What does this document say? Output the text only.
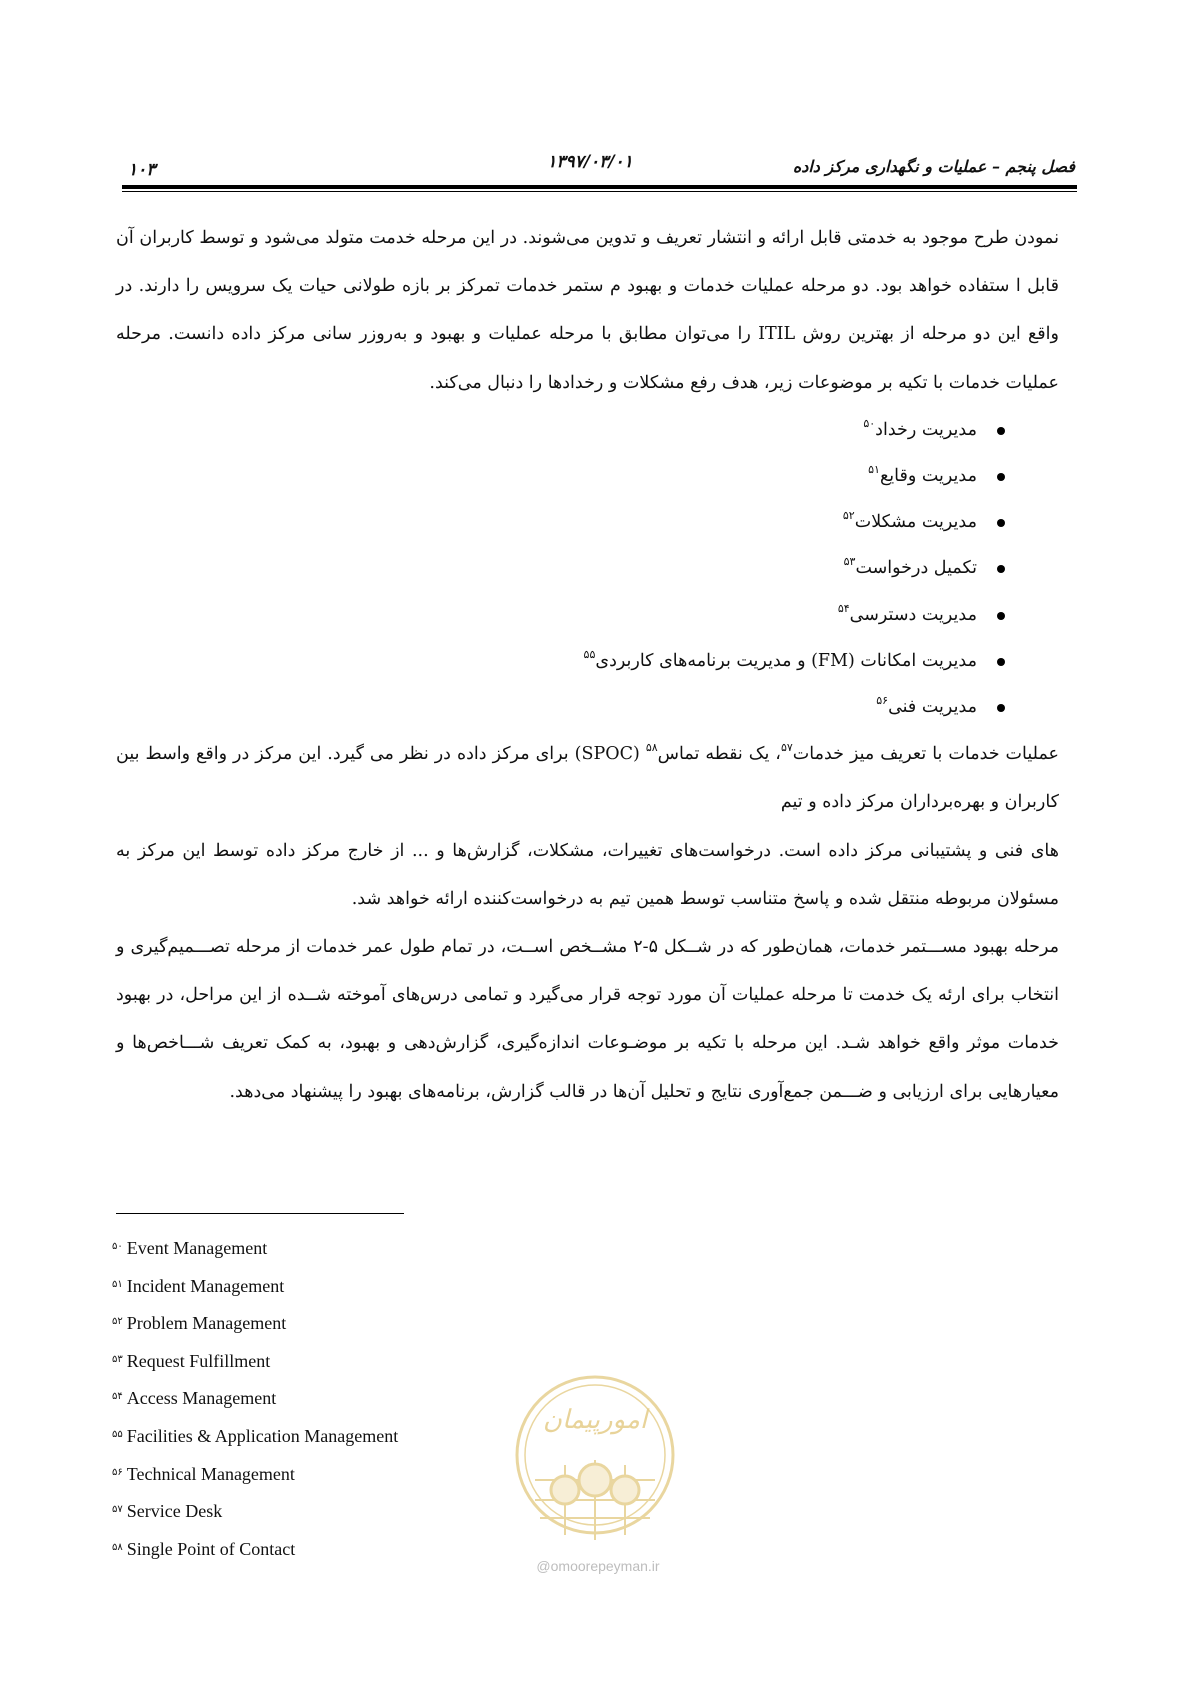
۱۰۳	۱۳۹۷/۰۳/۰۱	فصل پنجم – عملیات و نگهداری مرکز داده

نمودن طرح موجود به خدمتی قابل ارائه و انتشار تعریف و تدوین می‌شوند. در این مرحله خدمت متولد می‌شود و توسط کاربران آن قابل ا ستفاده خواهد بود. دو مرحله عملیات خدمات و بهبود م ستمر خدمات تمرکز بر بازه طولانی حیات یک سرویس را دارند. در واقع این دو مرحله از بهترین روش ITIL را می‌توان مطابق با مرحله عملیات و بهبود و به‌روزر سانی مرکز داده دانست. مرحله عملیات خدمات با تکیه بر موضوعات زیر، هدف رفع مشکلات و رخدادها را دنبال می‌کند.

مدیریت رخداد$^{۵۰}$
مدیریت وقایع$^{۵۱}$
مدیریت مشکلات$^{۵۲}$
تکمیل درخواست$^{۵۳}$
مدیریت دسترسی$^{۵۴}$
مدیریت امکانات (FM) و مدیریت برنامه‌های کاربردی$^{۵۵}$
مدیریت فنی$^{۵۶}$

عملیات خدمات با تعریف میز خدمات$^{۵۷}$، یک نقطه تماس$^{۵۸}$ (SPOC) برای مرکز داده در نظر می گیرد. این مرکز در واقع واسط بین کاربران و بهره‌برداران مرکز داده و تیم

های فنی و پشتیبانی مرکز داده است. درخواست‌های تغییرات، مشکلات، گزارش‌ها و ... از خارج مرکز داده توسط این مرکز به مسئولان مربوطه منتقل شده و پاسخ متناسب توسط همین تیم به درخواست‌کننده ارائه خواهد شد.

مرحله بهبود مســـتمر خدمات، همان‌طور که در شــکل ۵-۲ مشــخص اســت، در تمام طول عمر خدمات از مرحله تصـــمیم‌گیری و انتخاب برای ارئه یک خدمت تا مرحله عملیات آن مورد توجه قرار می‌گیرد و تمامی درس‌های آموخته شــده از این مراحل، در بهبود خدمات موثر واقع خواهد شـد. این مرحله با تکیه بر موضـوعات اندازه‌گیری، گزارش‌دهی و بهبود، به کمک تعریف شـــاخص‌ها و معیارهایی برای ارزیابی و ضـــمن جمع‌آوری نتایج و تحلیل آن‌ها در قالب گزارش، برنامه‌های بهبود را پیشنهاد می‌دهد.

$^{۵۰}$ Event Management
$^{۵۱}$ Incident Management
$^{۵۲}$ Problem Management
$^{۵۳}$ Request Fulfillment
$^{۵۴}$ Access Management
$^{۵۵}$ Facilities & Application Management
$^{۵۶}$ Technical Management
$^{۵۷}$ Service Desk
$^{۵۸}$ Single Point of Contact
امورپیمان
@omoorepeyman.ir
